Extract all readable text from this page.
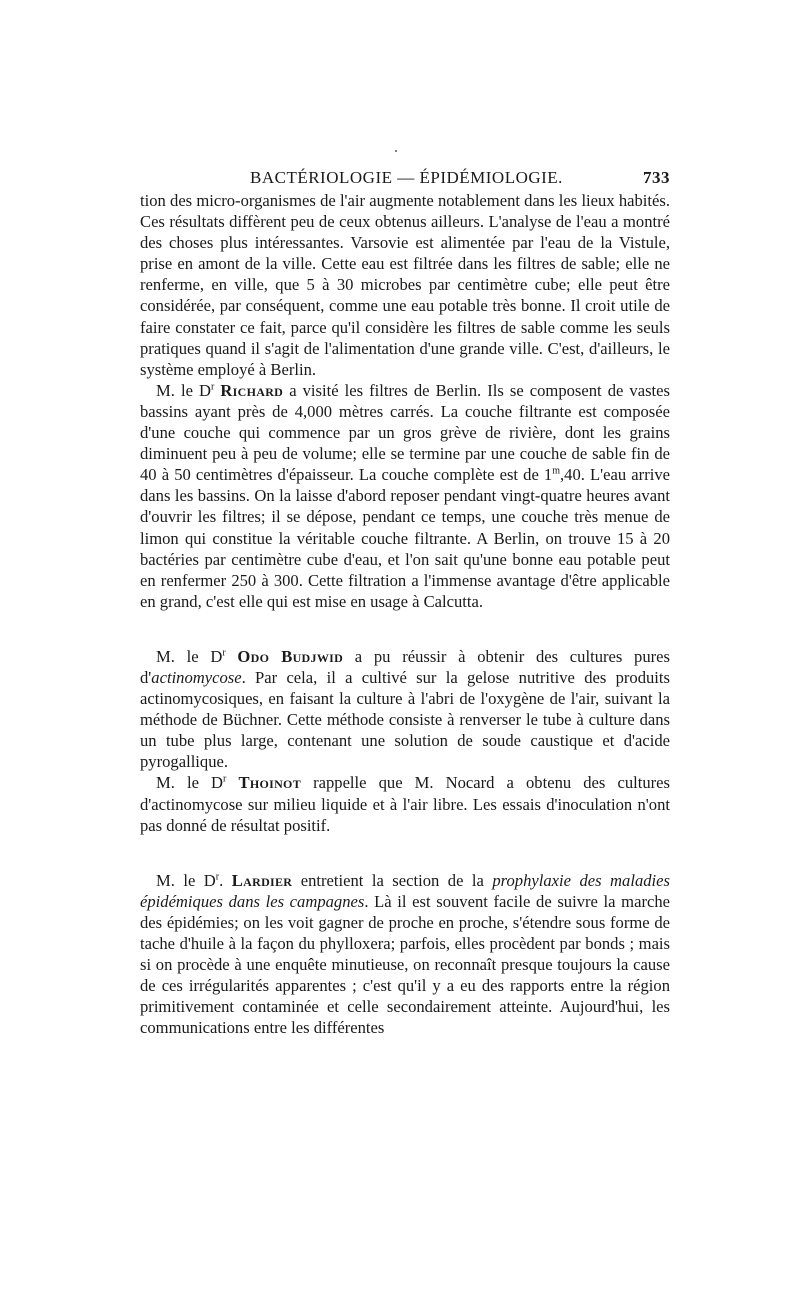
BACTÉRIOLOGIE — ÉPIDÉMIOLOGIE.	733

tion des micro-organismes de l'air augmente notablement dans les lieux habités. Ces résultats diffèrent peu de ceux obtenus ailleurs. L'analyse de l'eau a montré des choses plus intéressantes. Varsovie est alimentée par l'eau de la Vistule, prise en amont de la ville. Cette eau est filtrée dans les filtres de sable; elle ne renferme, en ville, que 5 à 30 microbes par centimètre cube; elle peut être considérée, par conséquent, comme une eau potable très bonne. Il croit utile de faire constater ce fait, parce qu'il considère les filtres de sable comme les seuls pratiques quand il s'agit de l'alimentation d'une grande ville. C'est, d'ailleurs, le système employé à Berlin.

M. le $D^r$ Richard a visité les filtres de Berlin. Ils se composent de vastes bassins ayant près de 4,000 mètres carrés. La couche filtrante est composée d'une couche qui commence par un gros grève de rivière, dont les grains diminuent peu à peu de volume; elle se termine par une couche de sable fin de 40 à 50 centimètres d'épaisseur. La couche complète est de 1$^m$,40. L'eau arrive dans les bassins. On la laisse d'abord reposer pendant vingt-quatre heures avant d'ouvrir les filtres; il se dépose, pendant ce temps, une couche très menue de limon qui constitue la véritable couche filtrante. A Berlin, on trouve 15 à 20 bactéries par centimètre cube d'eau, et l'on sait qu'une bonne eau potable peut en renfermer 250 à 300. Cette filtration a l'immense avantage d'être applicable en grand, c'est elle qui est mise en usage à Calcutta.

M. le $D^r$ Odo Budjwid a pu réussir à obtenir des cultures pures d'actinomycose. Par cela, il a cultivé sur la gelose nutritive des produits actinomycosiques, en faisant la culture à l'abri de l'oxygène de l'air, suivant la méthode de Büchner. Cette méthode consiste à renverser le tube à culture dans un tube plus large, contenant une solution de soude caustique et d'acide pyrogallique.

M. le $D^r$ Thoinot rappelle que M. Nocard a obtenu des cultures d'actinomycose sur milieu liquide et à l'air libre. Les essais d'inoculation n'ont pas donné de résultat positif.

M. le $D^r$. Lardier entretient la section de la prophylaxie des maladies épidémiques dans les campagnes. Là il est souvent facile de suivre la marche des épidémies; on les voit gagner de proche en proche, s'étendre sous forme de tache d'huile à la façon du phylloxera; parfois, elles procèdent par bonds ; mais si on procède à une enquête minutieuse, on reconnaît presque toujours la cause de ces irrégularités apparentes ; c'est qu'il y a eu des rapports entre la région primitivement contaminée et celle secondairement atteinte. Aujourd'hui, les communications entre les différentes
